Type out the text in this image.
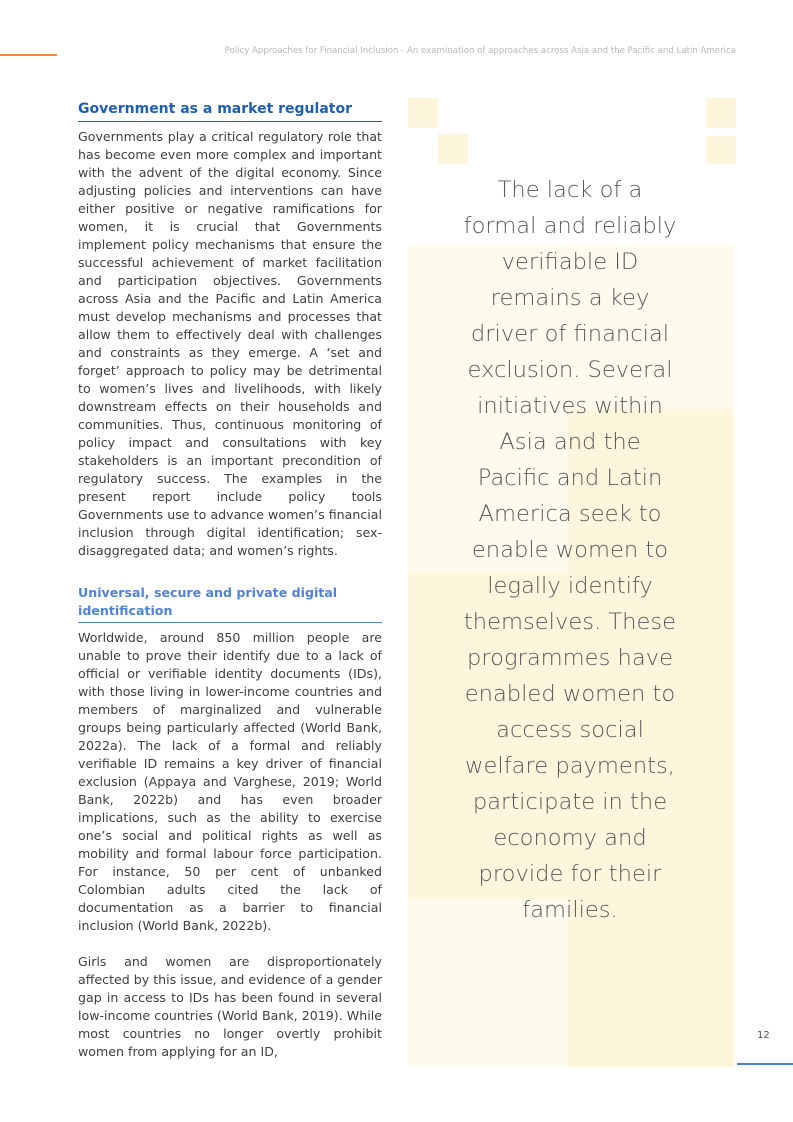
Policy Approaches for Financial Inclusion - An examination of approaches across Asia and the Pacific and Latin America
Government as a market regulator

Governments play a critical regulatory role that has become even more complex and important with the advent of the digital economy. Since adjusting policies and interventions can have either positive or negative ramifications for women, it is crucial that Governments implement policy mechanisms that ensure the successful achievement of market facilitation and participation objectives. Governments across Asia and the Pacific and Latin America must develop mechanisms and processes that allow them to effectively deal with challenges and constraints as they emerge. A ‘set and forget’ approach to policy may be detrimental to women’s lives and livelihoods, with likely downstream effects on their households and communities. Thus, continuous monitoring of policy impact and consultations with key stakeholders is an important precondition of regulatory success. The examples in the present report include policy tools Governments use to advance women’s financial inclusion through digital identification; sex-disaggregated data; and women’s rights.

Universal, secure and private digital identification

Worldwide, around 850 million people are unable to prove their identify due to a lack of official or verifiable identity documents (IDs), with those living in lower-income countries and members of marginalized and vulnerable groups being particularly affected (World Bank, 2022a). The lack of a formal and reliably verifiable ID remains a key driver of financial exclusion (Appaya and Varghese, 2019; World Bank, 2022b) and has even broader implications, such as the ability to exercise one’s social and political rights as well as mobility and formal labour force participation. For instance, 50 per cent of unbanked Colombian adults cited the lack of documentation as a barrier to financial inclusion (World Bank, 2022b).

Girls and women are disproportionately affected by this issue, and evidence of a gender gap in access to IDs has been found in several low-income countries (World Bank, 2019). While most countries no longer overtly prohibit women from applying for an ID,

The lack of a formal and reliably verifiable ID remains a key driver of financial exclusion. Several initiatives within Asia and the Pacific and Latin America seek to enable women to legally identify themselves. These programmes have enabled women to access social welfare payments, participate in the economy and provide for their families.
12
